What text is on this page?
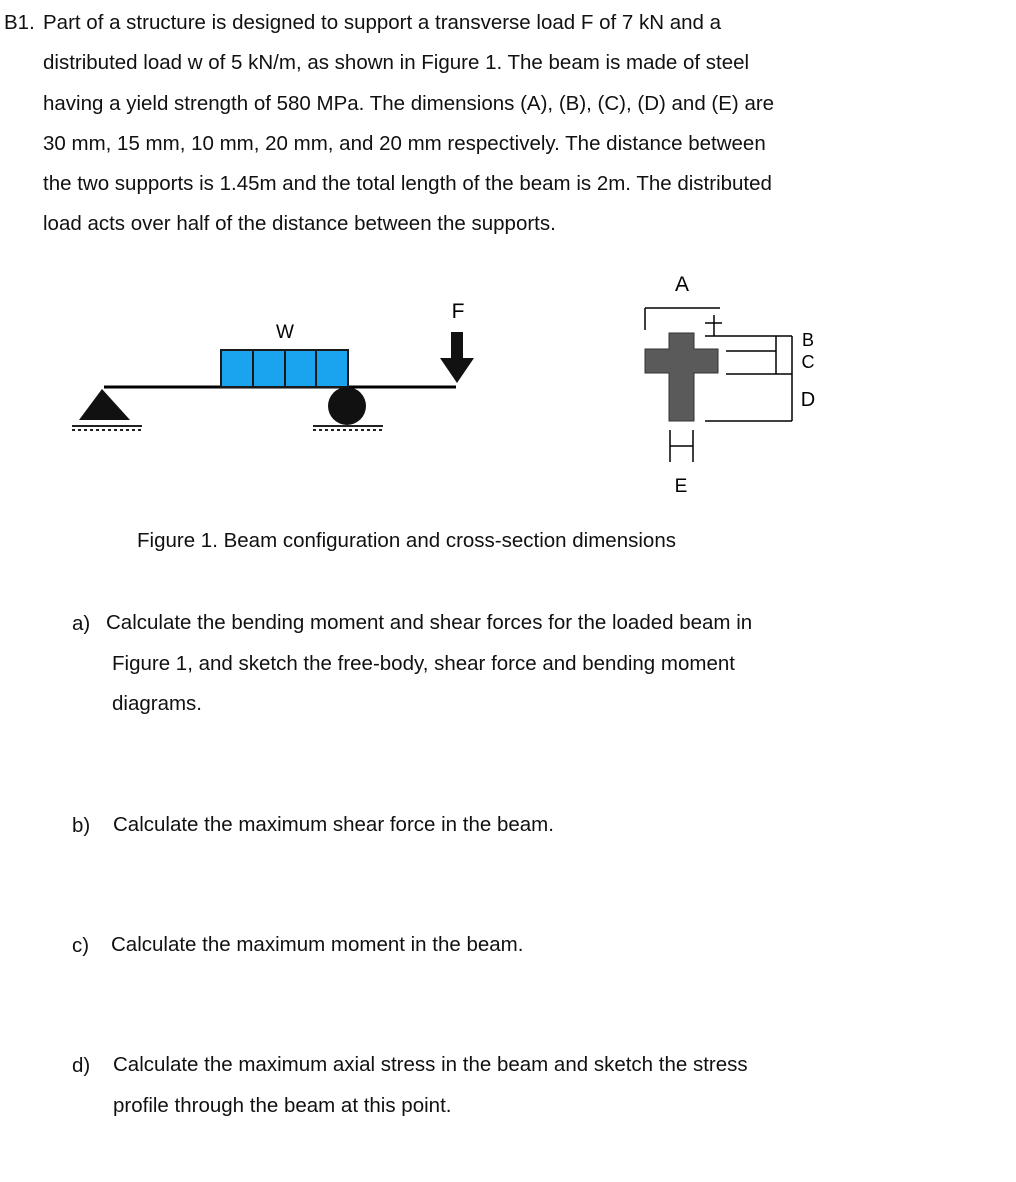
B1. Part of a structure is designed to support a transverse load F of 7 kN and a
distributed load w of 5 kN/m, as shown in Figure 1. The beam is made of steel
having a yield strength of 580 MPa. The dimensions (A), (B), (C), (D) and (E) are
30 mm, 15 mm, 10 mm, 20 mm, and 20 mm respectively. The distance between
the two supports is 1.45m and the total length of the beam is 2m. The distributed
load acts over half of the distance between the supports.
W
F
A
B
C
D
E
Figure 1. Beam configuration and cross-section dimensions
a) Calculate the bending moment and shear forces for the loaded beam in
Figure 1, and sketch the free-body, shear force and bending moment
diagrams.
b) Calculate the maximum shear force in the beam.
c) Calculate the maximum moment in the beam.
d) Calculate the maximum axial stress in the beam and sketch the stress
profile through the beam at this point.
